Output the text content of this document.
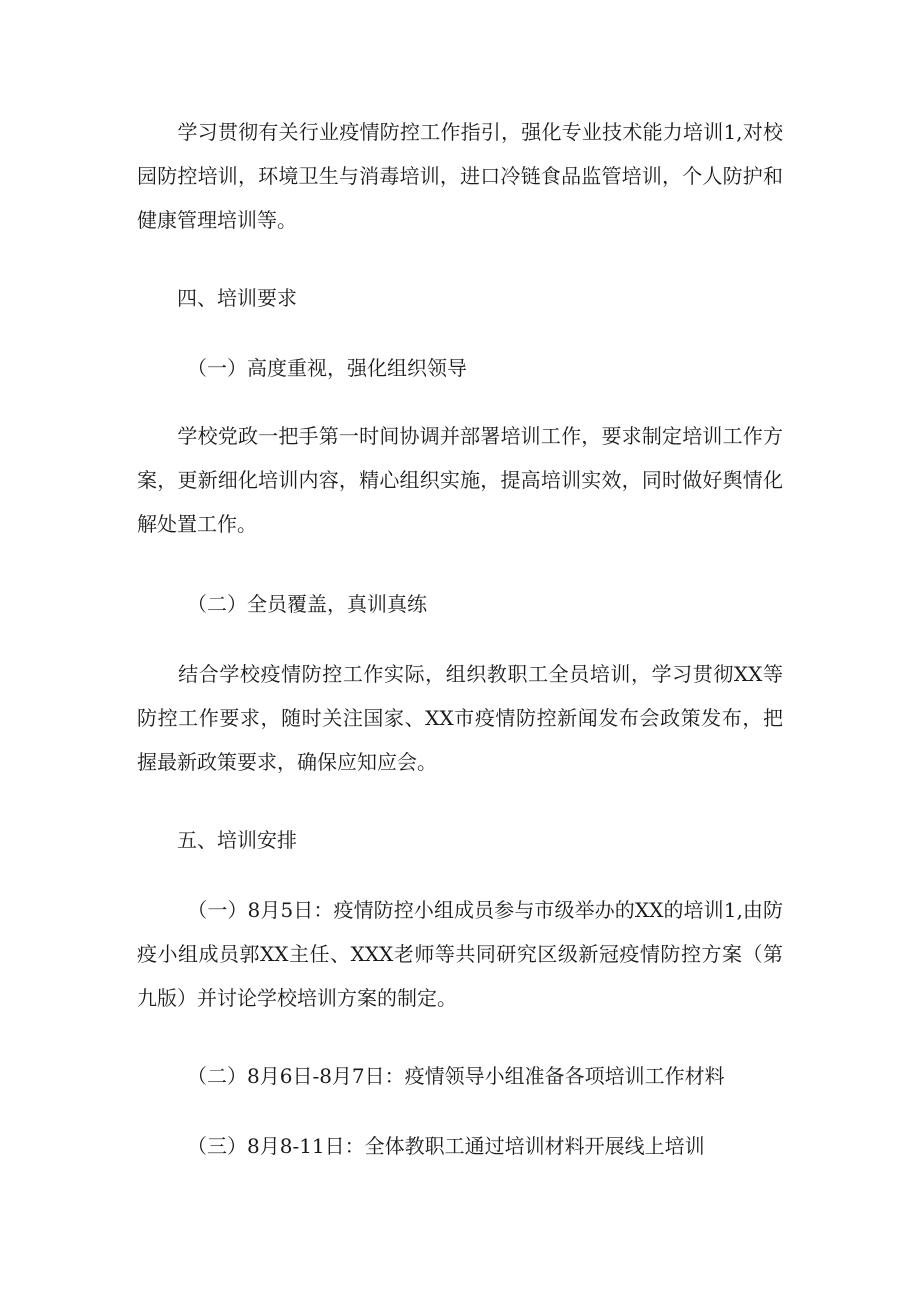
　　学习贯彻有关行业疫情防控工作指引，强化专业技术能力培训1,对校园防控培训，环境卫生与消毒培训，进口冷链食品监管培训，个人防护和健康管理培训等。

　　四、培训要求

　　　（一）高度重视，强化组织领导

　　学校党政一把手第一时间协调并部署培训工作，要求制定培训工作方案，更新细化培训内容，精心组织实施，提高培训实效，同时做好舆情化解处置工作。

　　　（二）全员覆盖，真训真练

　　结合学校疫情防控工作实际，组织教职工全员培训，学习贯彻XX等防控工作要求，随时关注国家、XX市疫情防控新闻发布会政策发布，把握最新政策要求，确保应知应会。

　　五、培训安排

　　　（一）8月5日：疫情防控小组成员参与市级举办的XX的培训1,由防疫小组成员郭XX主任、XXX老师等共同研究区级新冠疫情防控方案（第九版）并讨论学校培训方案的制定。

　　　（二）8月6日-8月7日：疫情领导小组准备各项培训工作材料

　　　（三）8月8-11日：全体教职工通过培训材料开展线上培训
